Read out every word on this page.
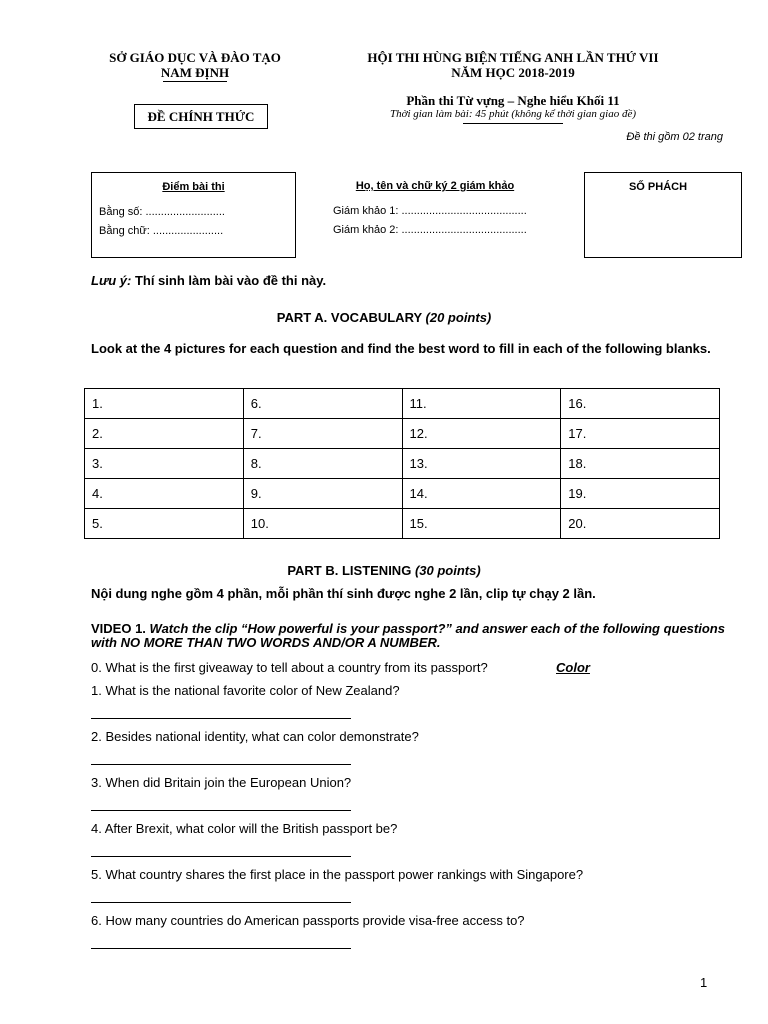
SỞ GIÁO DỤC VÀ ĐÀO TẠO
NAM ĐỊNH
ĐỀ CHÍNH THỨC
HỘI THI HÙNG BIỆN TIẾNG ANH LẦN THỨ VII
NĂM HỌC 2018-2019
Phần thi Từ vựng – Nghe hiểu Khối 11
Thời gian làm bài: 45 phút (không kể thời gian giao đề)
Đề thi gồm 02 trang
Điểm bài thi
Bằng số: ..........................
Bằng chữ: .......................
Họ, tên và chữ ký 2 giám khảo
Giám khảo 1: .........................................
Giám khảo 2: .........................................
SỐ PHÁCH
Lưu ý: Thí sinh làm bài vào đề thi này.
PART A. VOCABULARY (20 points)
Look at the 4 pictures for each question and find the best word to fill in each of the following blanks.
1.	6.	11.	16.
2.	7.	12.	17.
3.	8.	13.	18.
4.	9.	14.	19.
5.	10.	15.	20.
PART B. LISTENING (30 points)
Nội dung nghe gồm 4 phần, mỗi phần thí sinh được nghe 2 lần, clip tự chạy 2 lần.
VIDEO 1. Watch the clip “How powerful is your passport?” and answer each of the following questions with NO MORE THAN TWO WORDS AND/OR A NUMBER.
0. What is the first giveaway to tell about a country from its passport?	Color
1. What is the national favorite color of New Zealand?
2. Besides national identity, what can color demonstrate?
3. When did Britain join the European Union?
4. After Brexit, what color will the British passport be?
5. What country shares the first place in the passport power rankings with Singapore?
6. How many countries do American passports provide visa-free access to?
1
